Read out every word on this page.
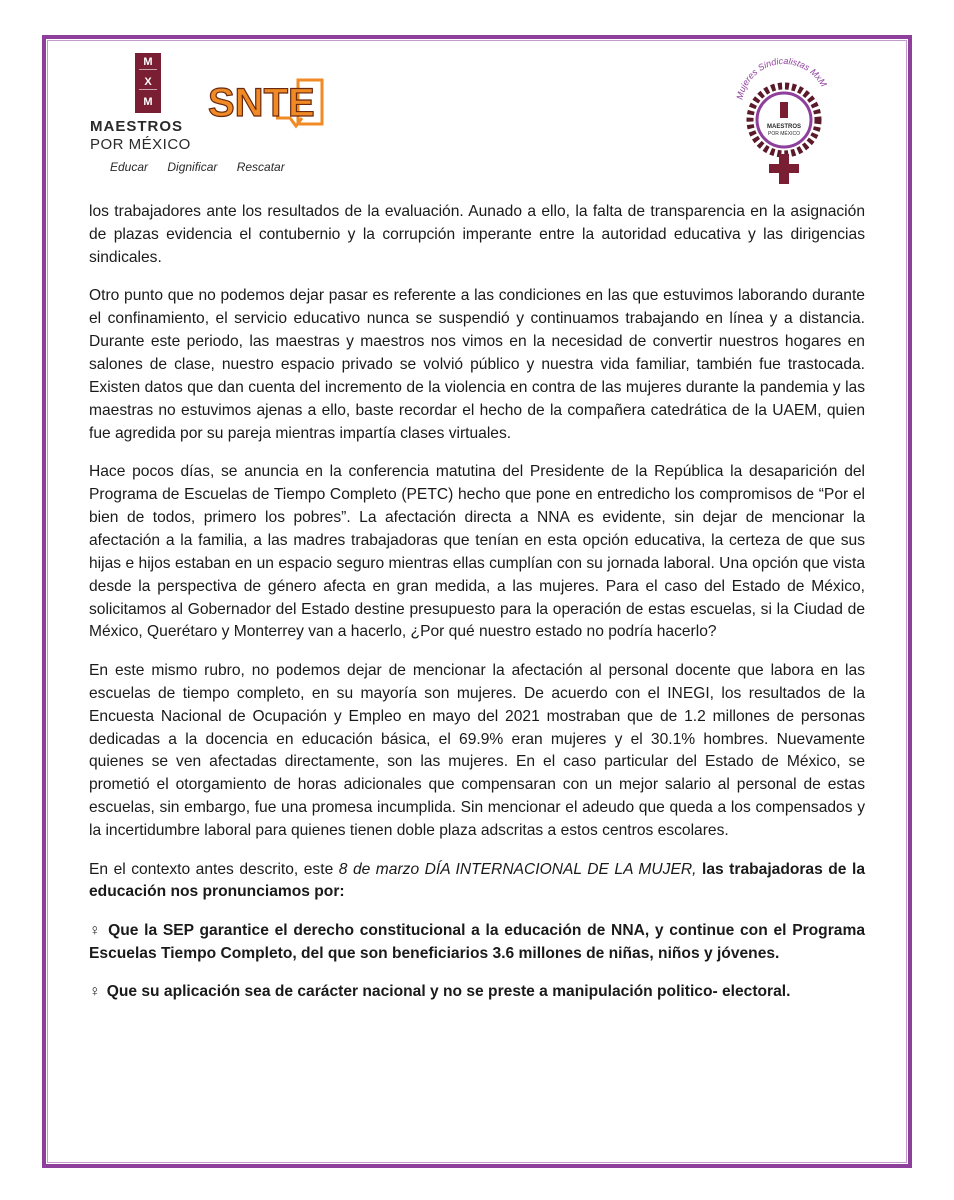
M
X
M
MAESTROS
POR MÉXICO
Educar Dignificar Rescatar
SNTE	Mujeres Sindicalistas MxM
MAESTROS
POR MÉXICO

los trabajadores ante los resultados de la evaluación. Aunado a ello, la falta de transparencia en la asignación de plazas evidencia el contubernio y la corrupción imperante entre la autoridad educativa y las dirigencias sindicales.

Otro punto que no podemos dejar pasar es referente a las condiciones en las que estuvimos laborando durante el confinamiento, el servicio educativo nunca se suspendió y continuamos trabajando en línea y a distancia. Durante este periodo, las maestras y maestros nos vimos en la necesidad de convertir nuestros hogares en salones de clase, nuestro espacio privado se volvió público y nuestra vida familiar, también fue trastocada. Existen datos que dan cuenta del incremento de la violencia en contra de las mujeres durante la pandemia y las maestras no estuvimos ajenas a ello, baste recordar el hecho de la compañera catedrática de la UAEM, quien fue agredida por su pareja mientras impartía clases virtuales.

Hace pocos días, se anuncia en la conferencia matutina del Presidente de la República la desaparición del Programa de Escuelas de Tiempo Completo (PETC) hecho que pone en entredicho los compromisos de “Por el bien de todos, primero los pobres”. La afectación directa a NNA es evidente, sin dejar de mencionar la afectación a la familia, a las madres trabajadoras que tenían en esta opción educativa, la certeza de que sus hijas e hijos estaban en un espacio seguro mientras ellas cumplían con su jornada laboral. Una opción que vista desde la perspectiva de género afecta en gran medida, a las mujeres. Para el caso del Estado de México, solicitamos al Gobernador del Estado destine presupuesto para la operación de estas escuelas, si la Ciudad de México, Querétaro y Monterrey van a hacerlo, ¿Por qué nuestro estado no podría hacerlo?

En este mismo rubro, no podemos dejar de mencionar la afectación al personal docente que labora en las escuelas de tiempo completo, en su mayoría son mujeres. De acuerdo con el INEGI, los resultados de la Encuesta Nacional de Ocupación y Empleo en mayo del 2021 mostraban que de 1.2 millones de personas dedicadas a la docencia en educación básica, el 69.9% eran mujeres y el 30.1% hombres. Nuevamente quienes se ven afectadas directamente, son las mujeres. En el caso particular del Estado de México, se prometió el otorgamiento de horas adicionales que compensaran con un mejor salario al personal de estas escuelas, sin embargo, fue una promesa incumplida. Sin mencionar el adeudo que queda a los compensados y la incertidumbre laboral para quienes tienen doble plaza adscritas a estos centros escolares.

En el contexto antes descrito, este 8 de marzo DÍA INTERNACIONAL DE LA MUJER, las trabajadoras de la educación nos pronunciamos por:

♀ Que la SEP garantice el derecho constitucional a la educación de NNA, y continue con el Programa Escuelas Tiempo Completo, del que son beneficiarios 3.6 millones de niñas, niños y jóvenes.

♀ Que su aplicación sea de carácter nacional y no se preste a manipulación politico- electoral.
